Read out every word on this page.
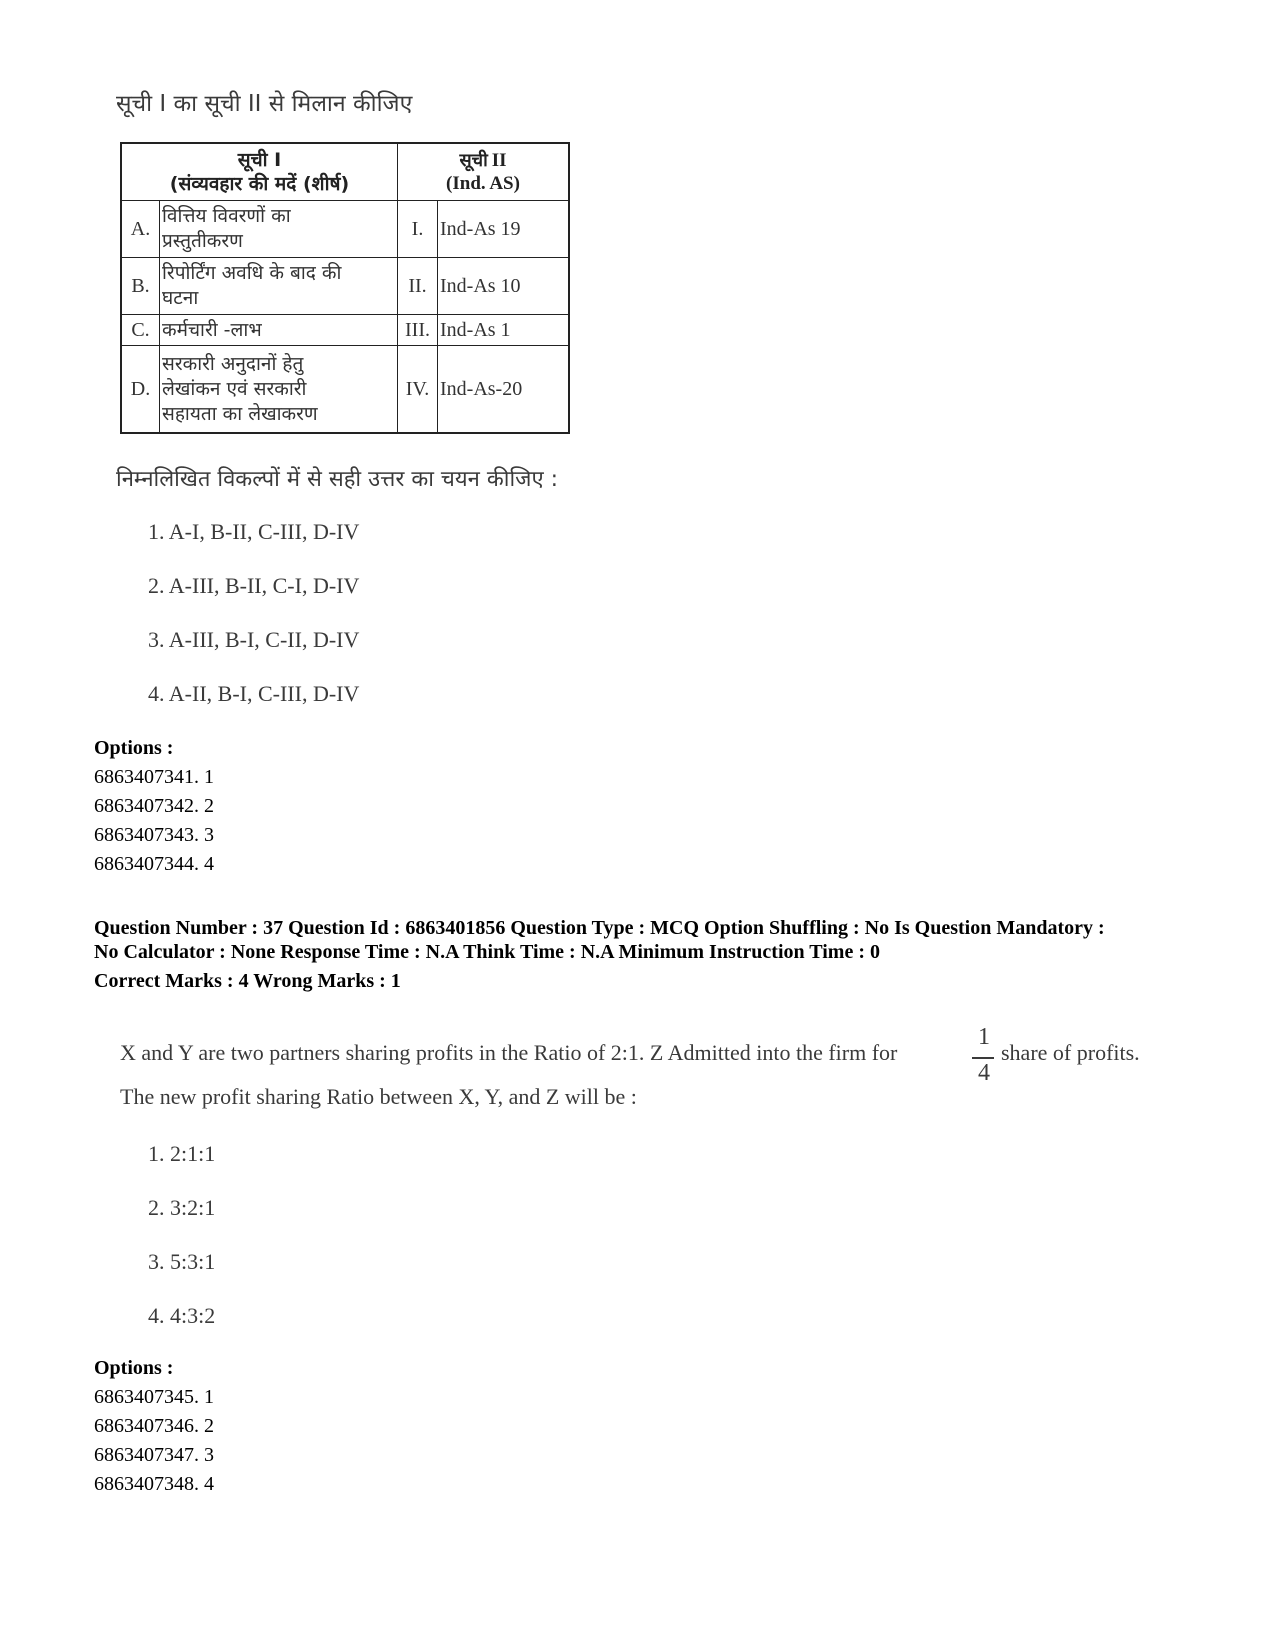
सूची I का सूची II से मिलान कीजिए
सूची I
(संव्यवहार की मदें (शीर्ष)
सूची II
(Ind. AS)
A.
वित्तिय विवरणों का
प्रस्तुतीकरण
I. Ind-As 19
B.
रिपोर्टिंग अवधि के बाद की
घटना
II. Ind-As 10
C. कर्मचारी -लाभ	III. Ind-As 1
D.
सरकारी अनुदानों हेतु
लेखांकन एवं सरकारी
सहायता का लेखाकरण
IV. Ind-As-20
निम्नलिखित विकल्पों में से सही उत्तर का चयन कीजिए :
1. A-I, B-II, C-III, D-IV
2. A-III, B-II, C-I, D-IV
3. A-III, B-I, C-II, D-IV
4. A-II, B-I, C-III, D-IV
Options :
6863407341. 1
6863407342. 2
6863407343. 3
6863407344. 4
Question Number : 37 Question Id : 6863401856 Question Type : MCQ Option Shuffling : No Is Question Mandatory :
No Calculator : None Response Time : N.A Think Time : N.A Minimum Instruction Time : 0
Correct Marks : 4 Wrong Marks : 1
X and Y are two partners sharing profits in the Ratio of 2:1. Z Admitted into the firm for
1
4
share of profits.
The new profit sharing Ratio between X, Y, and Z will be :
1. 2:1:1
2. 3:2:1
3. 5:3:1
4. 4:3:2
Options :
6863407345. 1
6863407346. 2
6863407347. 3
6863407348. 4
